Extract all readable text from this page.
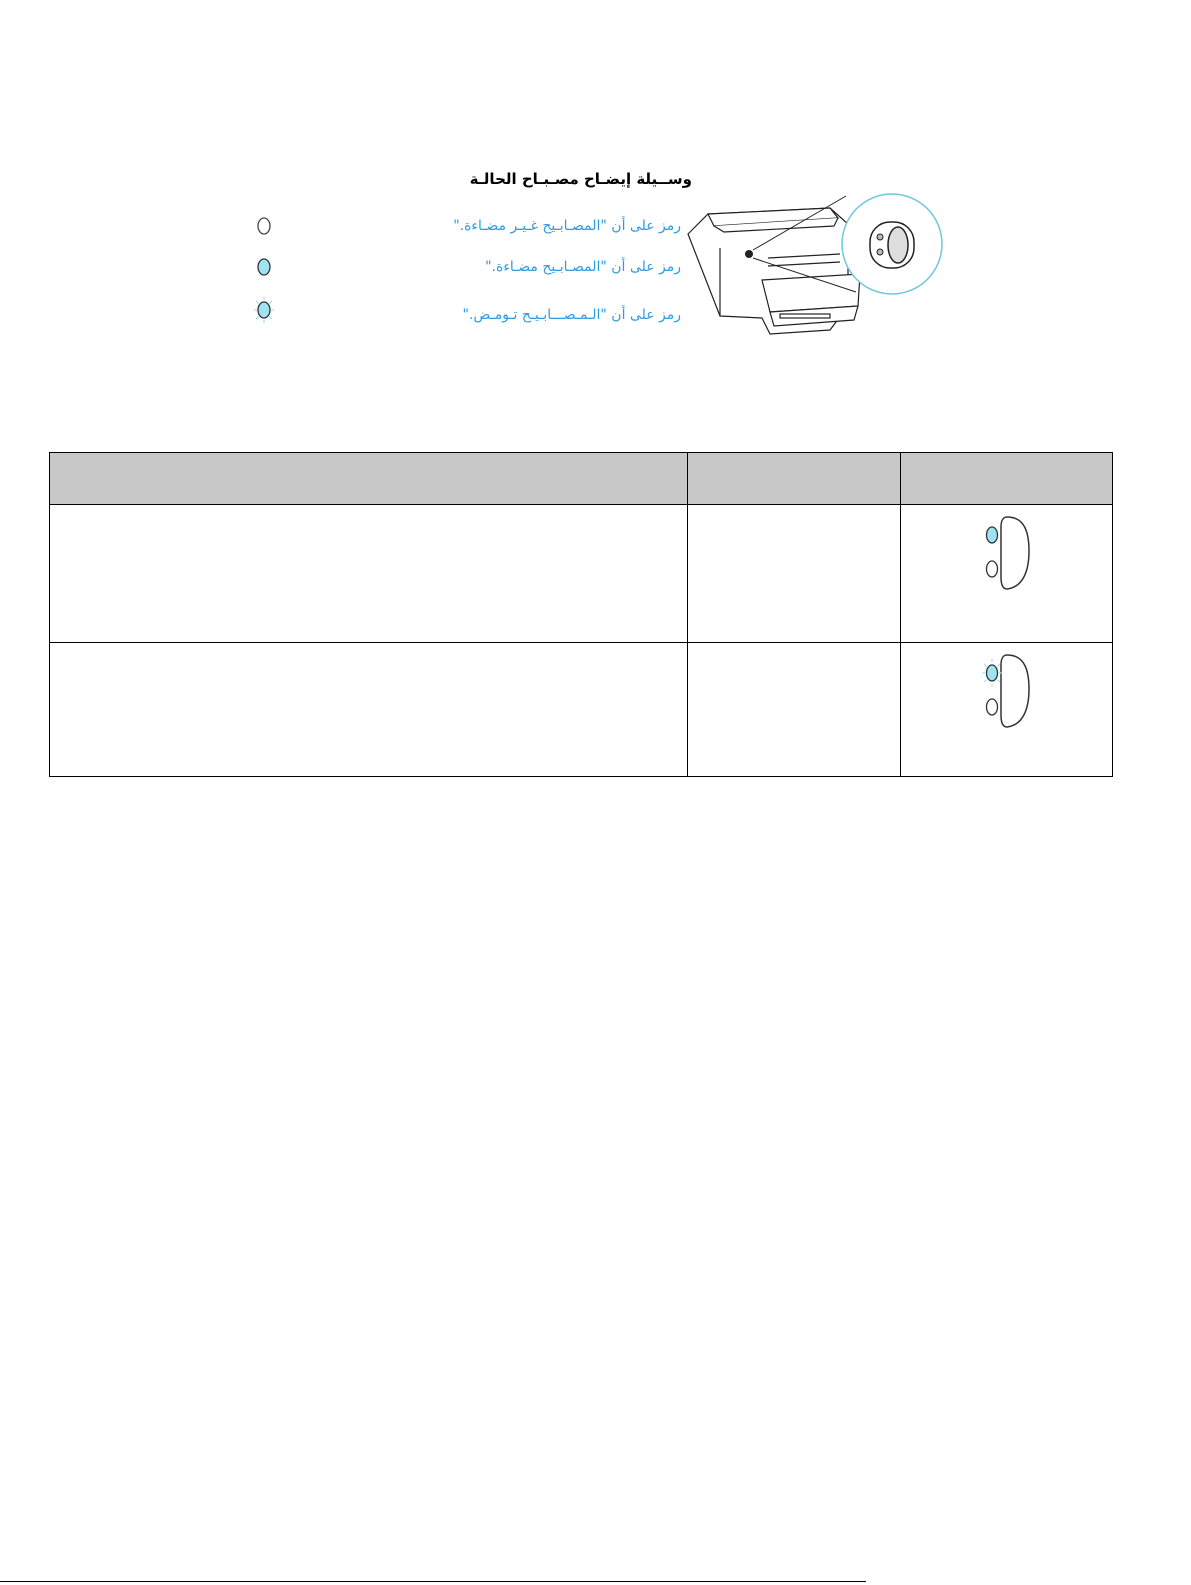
وســيلة إيضـاح مصـبـاح الحالـة
رمز على أن "المصـابـيح غـيـر مضـاءة."
رمز على أن "المصـابـيح مضـاءة."
رمز على أن "الـمـصـــابـيـح تـومـض."
